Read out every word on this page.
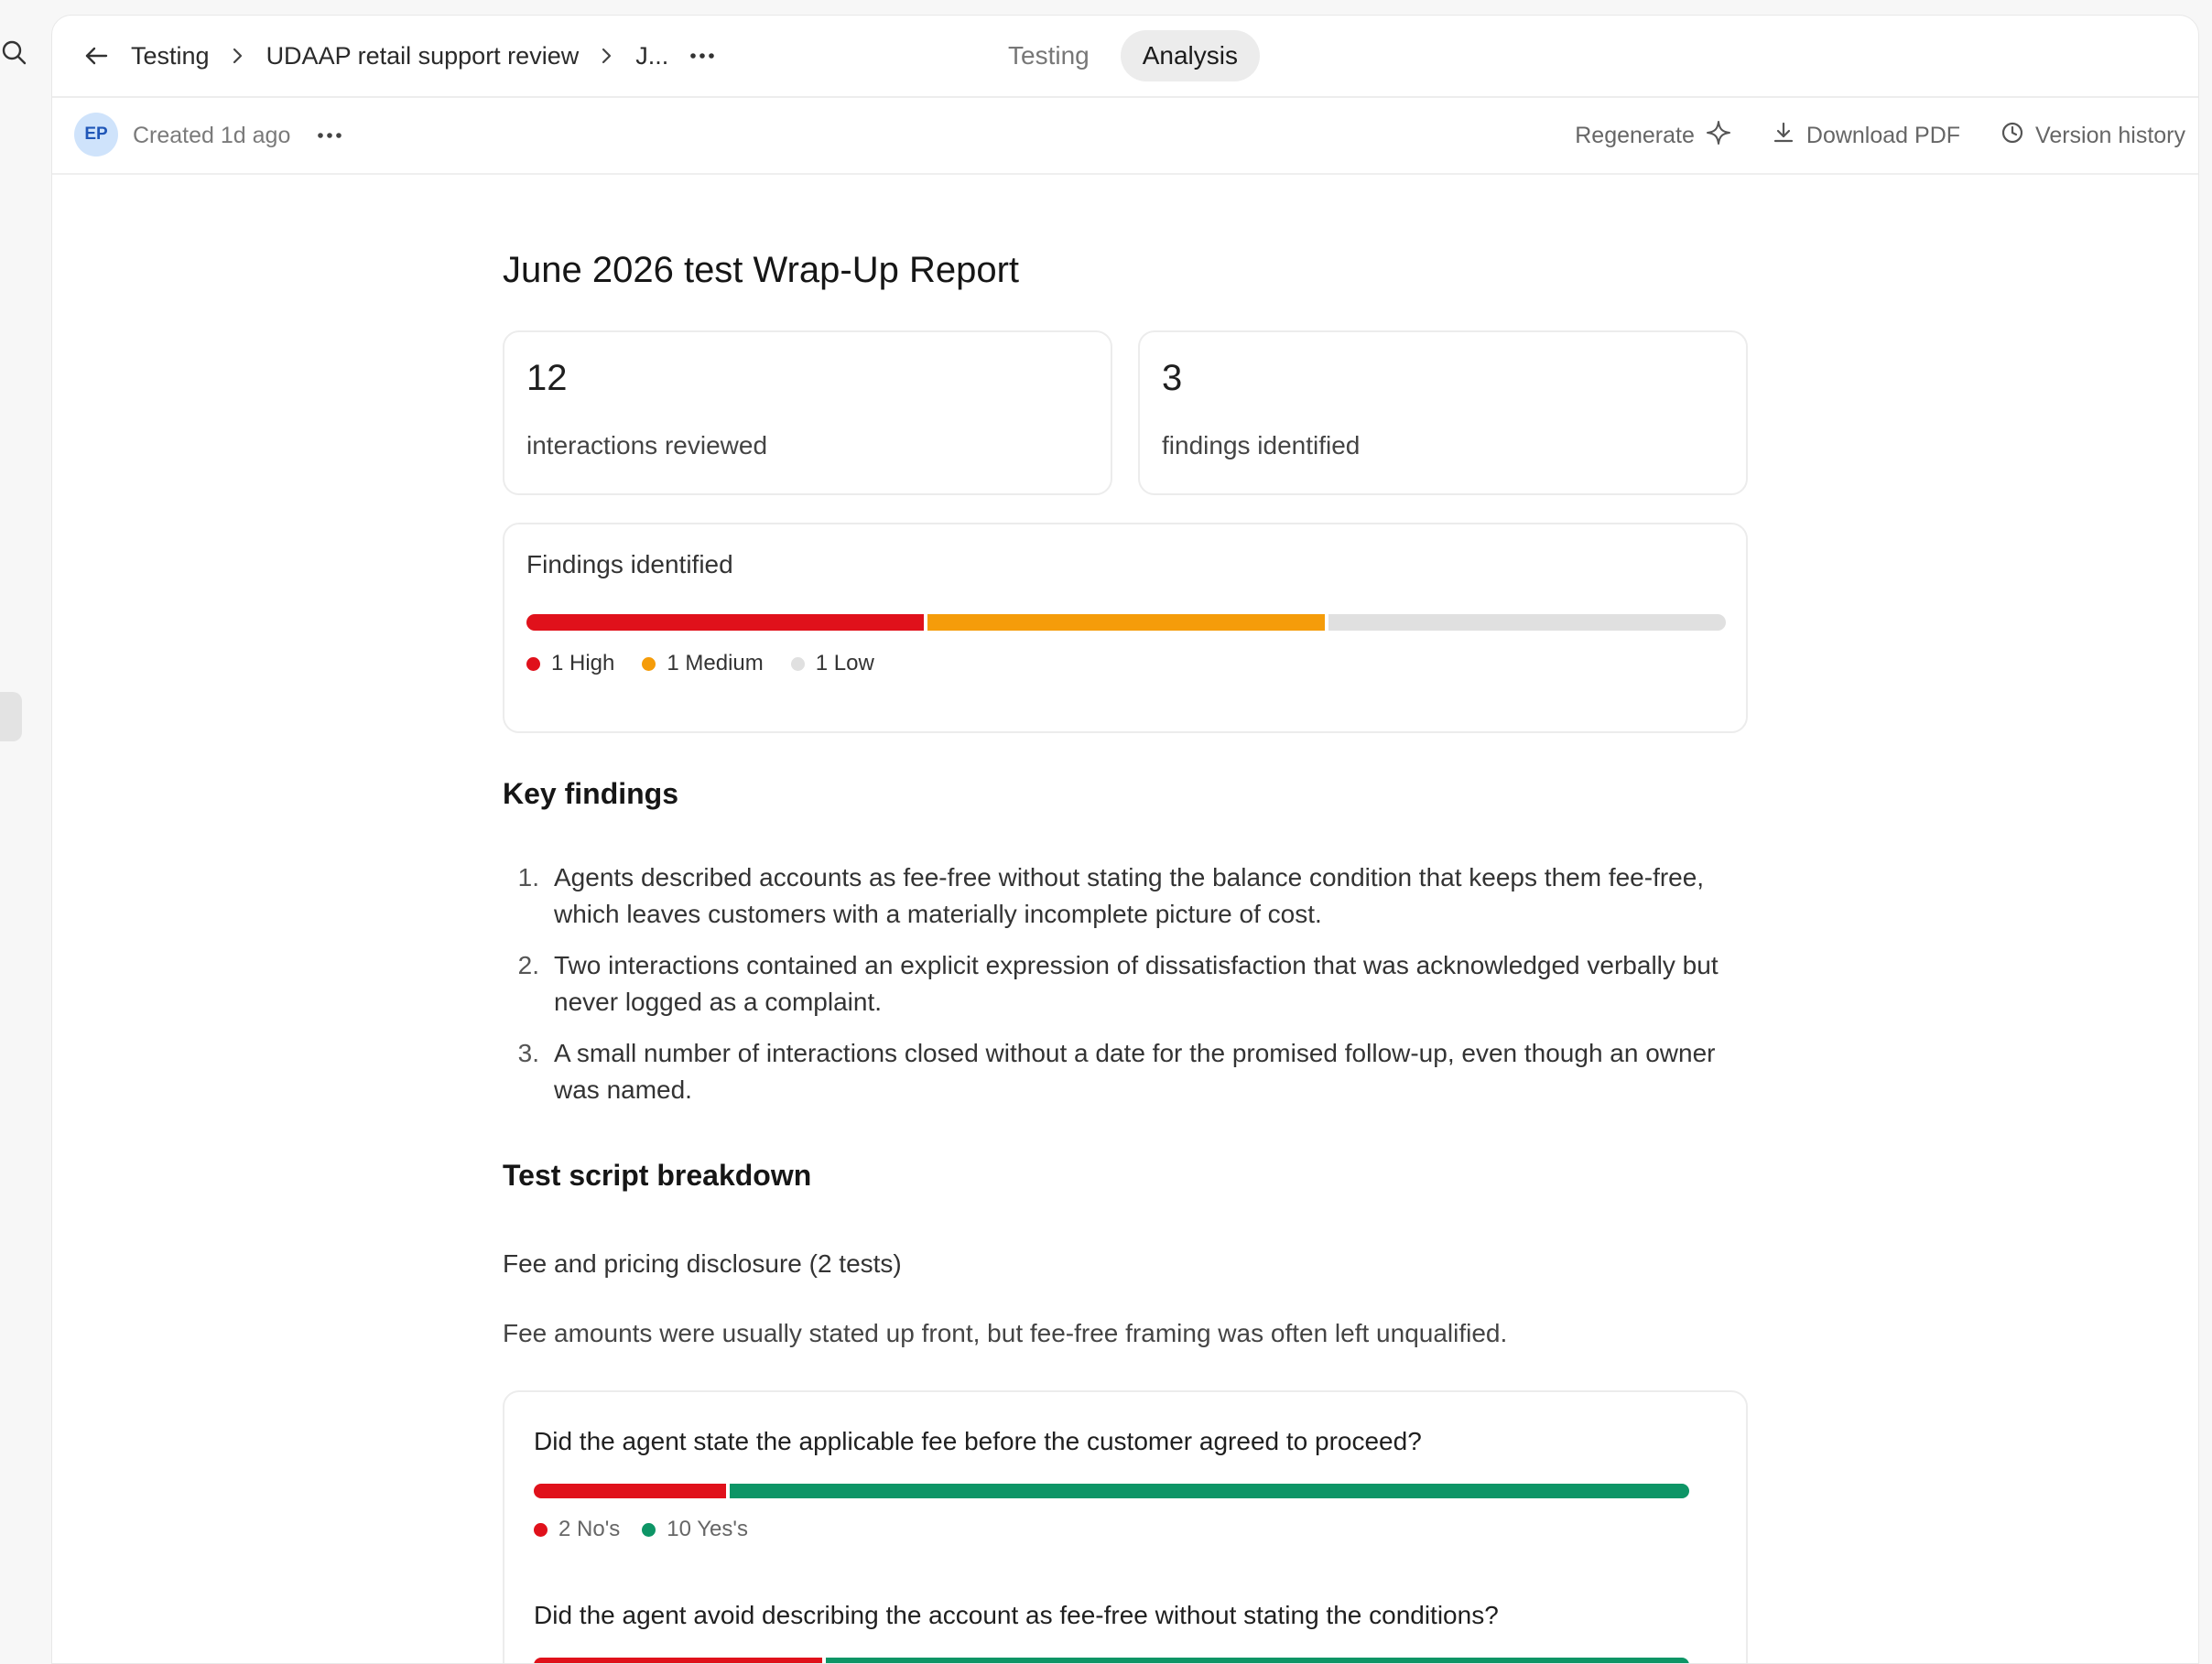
Testing UDAAP retail support review J...	Testing	Analysis
EP	Created 1d ago	Regenerate	Download PDF	Version history
June 2026 test Wrap-Up Report
12
interactions reviewed
3
findings identified
Findings identified
1 High 1 Medium 1 Low
Key findings
1. Agents described accounts as fee-free without stating the balance condition that keeps them fee-free, which leaves customers with a materially incomplete picture of cost.
2. Two interactions contained an explicit expression of dissatisfaction that was acknowledged verbally but never logged as a complaint.
3. A small number of interactions closed without a date for the promised follow-up, even though an owner was named.
Test script breakdown
Fee and pricing disclosure (2 tests)
Fee amounts were usually stated up front, but fee-free framing was often left unqualified.
Did the agent state the applicable fee before the customer agreed to proceed?
2 No's 10 Yes's
Did the agent avoid describing the account as fee-free without stating the conditions?
